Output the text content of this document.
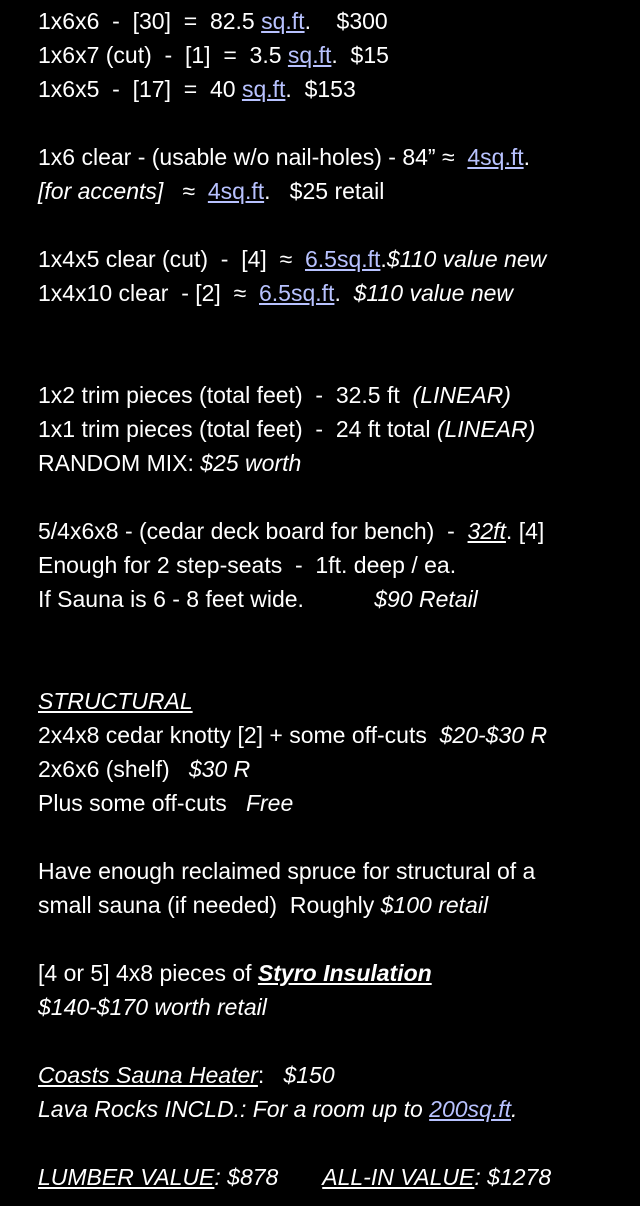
1x6x6  -  [30]  =  82.5 sq.ft.    $300
1x6x7 (cut)  -  [1]  =  3.5 sq.ft.  $15
1x6x5  -  [17]  =  40 sq.ft.  $153
1x6 clear - (usable w/o nail-holes) - 84” ≈  4sq.ft.
[for accents]   ≈  4sq.ft.   $25 retail
1x4x5 clear (cut)  -  [4]  ≈  6.5sq.ft.$110 value new
1x4x10 clear  - [2]  ≈  6.5sq.ft.  $110 value new
1x2 trim pieces (total feet)  -  32.5 ft  (LINEAR)
1x1 trim pieces (total feet)  -  24 ft total (LINEAR)
RANDOM MIX: $25 worth
5/4x6x8 - (cedar deck board for bench)  -  32ft. [4]
Enough for 2 step-seats  -  1ft. deep / ea.
If Sauna is 6 - 8 feet wide.           $90 Retail
STRUCTURAL
2x4x8 cedar knotty [2] + some off-cuts  $20-$30 R
2x6x6 (shelf)   $30 R
Plus some off-cuts   Free
Have enough reclaimed spruce for structural of a
small sauna (if needed)  Roughly $100 retail
[4 or 5] 4x8 pieces of Styro Insulation
$140-$170 worth retail
Coasts Sauna Heater:   $150
Lava Rocks INCLD.: For a room up to 200sq.ft.
LUMBER VALUE: $878       ALL-IN VALUE: $1278
